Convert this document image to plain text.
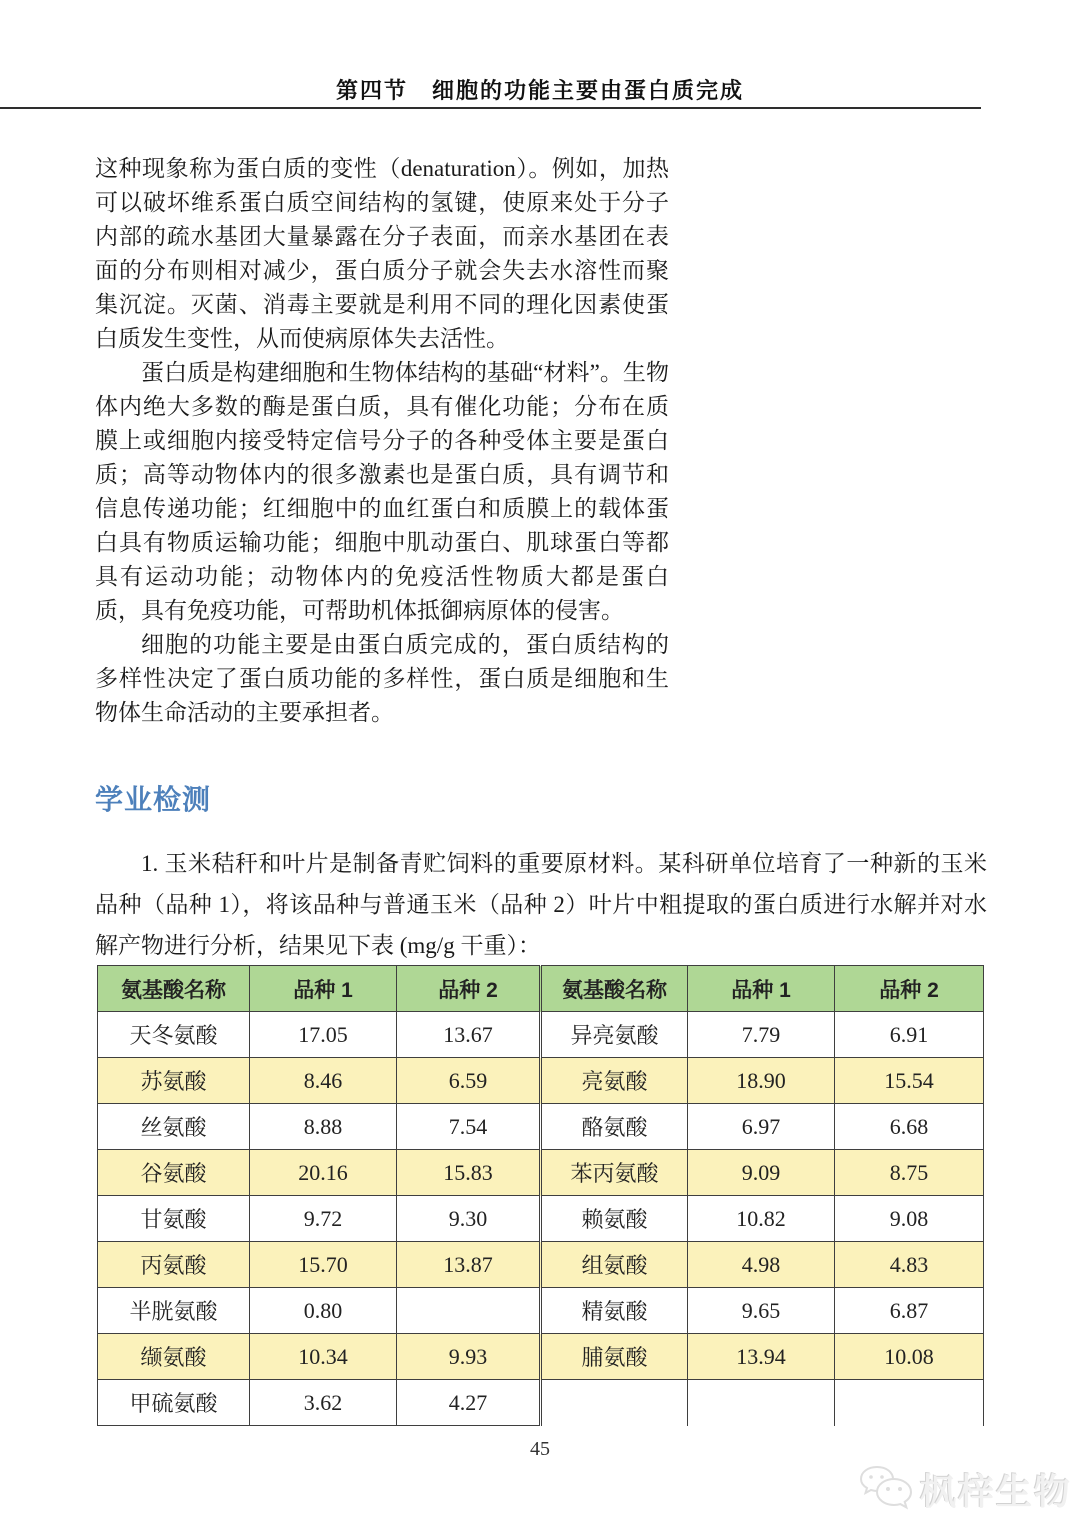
第四节　细胞的功能主要由蛋白质完成

这种现象称为蛋白质的变性（denaturation）。例如，加热可以破坏维系蛋白质空间结构的氢键，使原来处于分子内部的疏水基团大量暴露在分子表面，而亲水基团在表面的分布则相对减少，蛋白质分子就会失去水溶性而聚集沉淀。灭菌、消毒主要就是利用不同的理化因素使蛋白质发生变性，从而使病原体失去活性。

蛋白质是构建细胞和生物体结构的基础“材料”。生物体内绝大多数的酶是蛋白质，具有催化功能；分布在质膜上或细胞内接受特定信号分子的各种受体主要是蛋白质；高等动物体内的很多激素也是蛋白质，具有调节和信息传递功能；红细胞中的血红蛋白和质膜上的载体蛋白具有物质运输功能；细胞中肌动蛋白、肌球蛋白等都具有运动功能；动物体内的免疫活性物质大都是蛋白质，具有免疫功能，可帮助机体抵御病原体的侵害。

细胞的功能主要是由蛋白质完成的，蛋白质结构的多样性决定了蛋白质功能的多样性，蛋白质是细胞和生物体生命活动的主要承担者。

学业检测
1. 玉米秸秆和叶片是制备青贮饲料的重要原材料。某科研单位培育了一种新的玉米品种（品种 1），将该品种与普通玉米（品种 2）叶片中粗提取的蛋白质进行水解并对水解产物进行分析，结果见下表 (mg/g 干重）：
氨基酸名称	品种 1	品种 2	氨基酸名称	品种 1	品种 2
天冬氨酸	17.05	13.67	异亮氨酸	7.79	6.91
苏氨酸	8.46	6.59	亮氨酸	18.90	15.54
丝氨酸	8.88	7.54	酪氨酸	6.97	6.68
谷氨酸	20.16	15.83	苯丙氨酸	9.09	8.75
甘氨酸	9.72	9.30	赖氨酸	10.82	9.08
丙氨酸	15.70	13.87	组氨酸	4.98	4.83
半胱氨酸	0.80		精氨酸	9.65	6.87
缬氨酸	10.34	9.93	脯氨酸	13.94	10.08
甲硫氨酸	3.62	4.27			
45
枫梓生物
